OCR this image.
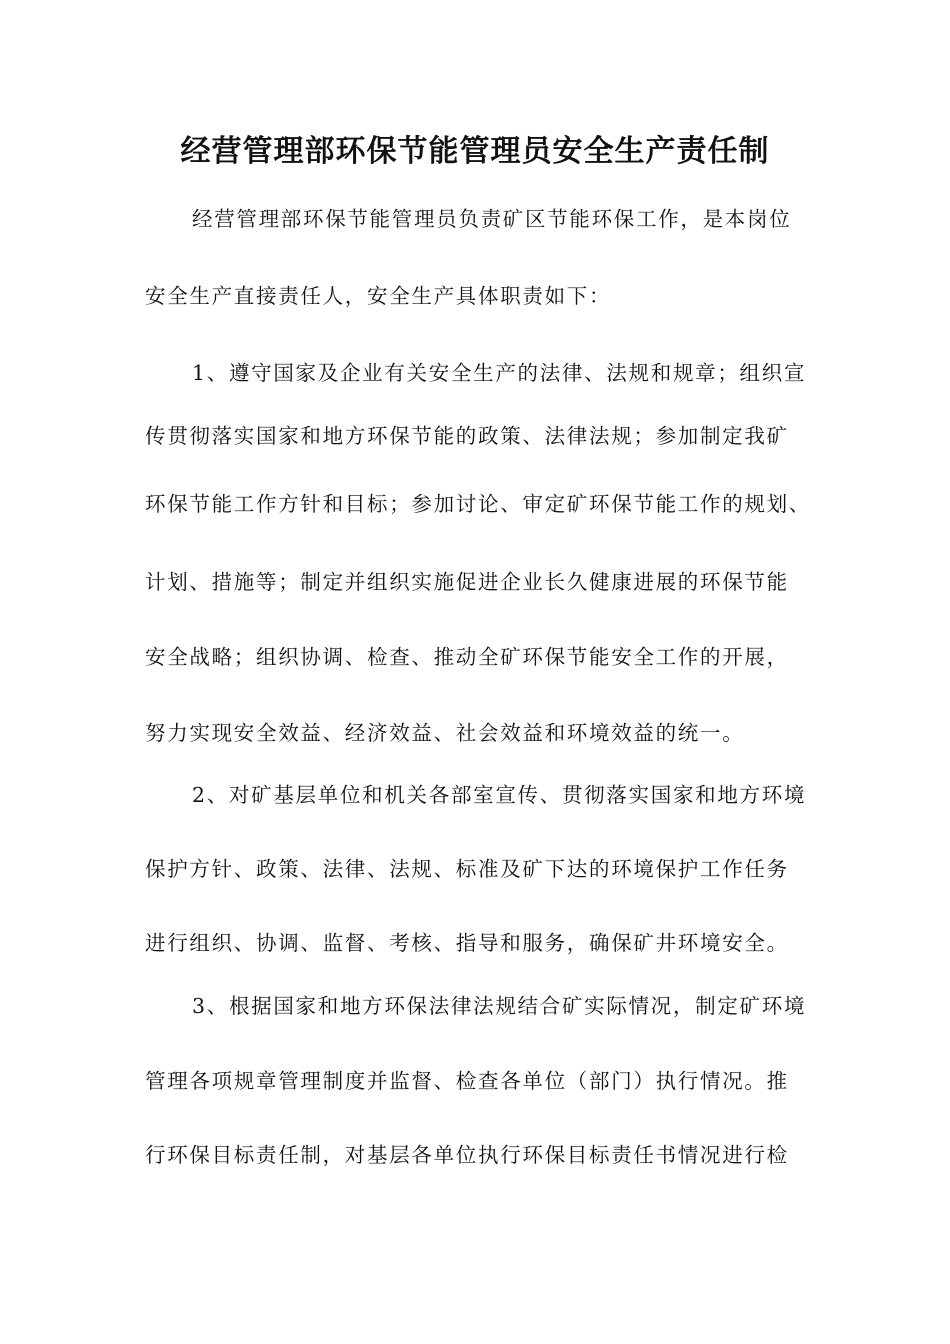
经营管理部环保节能管理员安全生产责任制
经营管理部环保节能管理员负责矿区节能环保工作，是本岗位
安全生产直接责任人，安全生产具体职责如下：
1、遵守国家及企业有关安全生产的法律、法规和规章；组织宣
传贯彻落实国家和地方环保节能的政策、法律法规；参加制定我矿
环保节能工作方针和目标；参加讨论、审定矿环保节能工作的规划、
计划、措施等；制定并组织实施促进企业长久健康进展的环保节能
安全战略；组织协调、检查、推动全矿环保节能安全工作的开展，
努力实现安全效益、经济效益、社会效益和环境效益的统一。
2、对矿基层单位和机关各部室宣传、贯彻落实国家和地方环境
保护方针、政策、法律、法规、标准及矿下达的环境保护工作任务
进行组织、协调、监督、考核、指导和服务，确保矿井环境安全。
3、根据国家和地方环保法律法规结合矿实际情况，制定矿环境
管理各项规章管理制度并监督、检查各单位（部门）执行情况。推
行环保目标责任制，对基层各单位执行环保目标责任书情况进行检
